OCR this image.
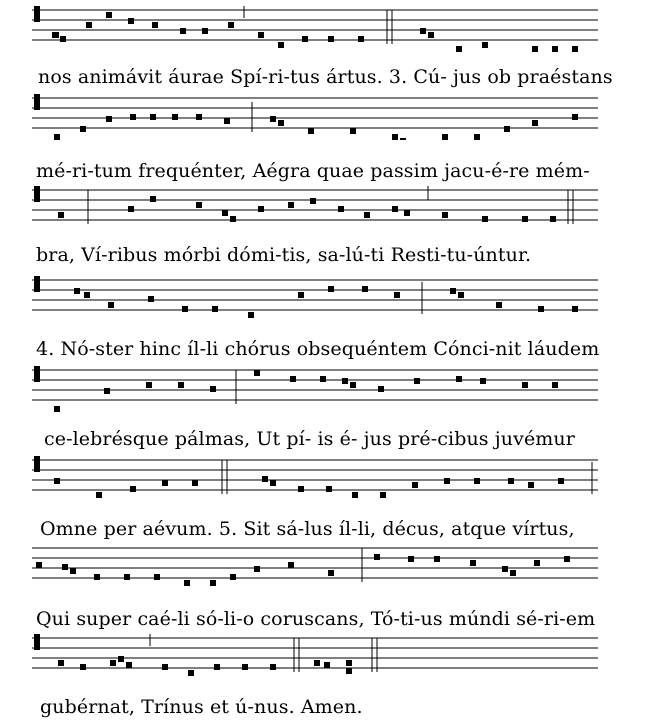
nos animávit áurae Spí-ri-tus ártus. 3. Cú- jus ob praéstans
mé-ri-tum frequénter, Aégra quae passim jacu-é-re mém-
bra, Ví-ribus mórbi dómi-tis, sa-lú-ti Resti-tu-úntur.
4. Nó-ster hinc íl-li chórus obsequéntem Cónci-nit láudem
ce-lebrésque pálmas, Ut pí- is é- jus pré-cibus juvémur
Omne per aévum. 5. Sit sá-lus íl-li, décus, atque vírtus,
Qui super caé-li só-li-o coruscans, Tó-ti-us múndi sé-ri-em
gubérnat, Trínus et ú-nus. Amen.
